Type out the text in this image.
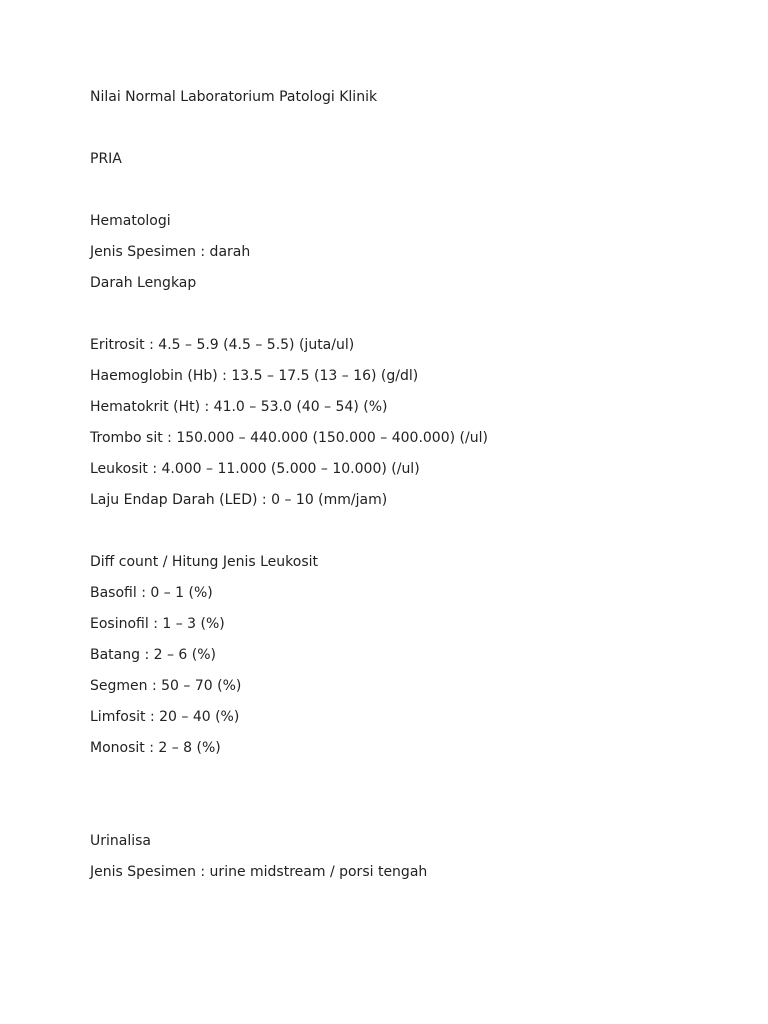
Nilai Normal Laboratorium Patologi Klinik
PRIA
Hematologi
Jenis Spesimen : darah
Darah Lengkap
Eritrosit : 4.5 – 5.9 (4.5 – 5.5) (juta/ul)
Haemoglobin (Hb) : 13.5 – 17.5 (13 – 16) (g/dl)
Hematokrit (Ht) : 41.0 – 53.0 (40 – 54) (%)
Trombo sit : 150.000 – 440.000 (150.000 – 400.000) (/ul)
Leukosit : 4.000 – 11.000 (5.000 – 10.000) (/ul)
Laju Endap Darah (LED) : 0 – 10 (mm/jam)
Diff count / Hitung Jenis Leukosit
Basofil : 0 – 1 (%)
Eosinofil : 1 – 3 (%)
Batang : 2 – 6 (%)
Segmen : 50 – 70 (%)
Limfosit : 20 – 40 (%)
Monosit : 2 – 8 (%)
Urinalisa
Jenis Spesimen : urine midstream / porsi tengah
